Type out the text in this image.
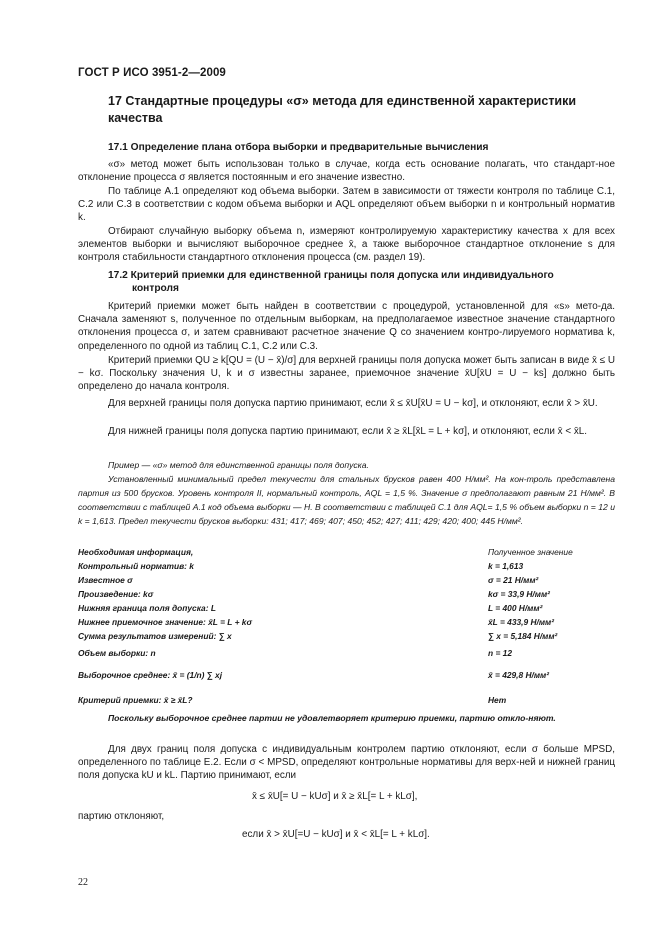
ГОСТ Р ИСО 3951-2—2009
17 Стандартные процедуры «σ» метода для единственной характеристики
качества
17.1 Определение плана отбора выборки и предварительные вычисления
«σ» метод может быть использован только в случае, когда есть основание полагать, что стандарт-ное отклонение процесса σ является постоянным и его значение известно.
По таблице A.1 определяют код объема выборки. Затем в зависимости от тяжести контроля по таблице C.1, C.2 или C.3 в соответствии с кодом объема выборки и AQL определяют объем выборки n и контрольный норматив k.
Отбирают случайную выборку объема n, измеряют контролируемую характеристику качества x для всех элементов выборки и вычисляют выборочное среднее x̄, а также выборочное стандартное отклонение s для контроля стабильности стандартного отклонения процесса (см. раздел 19).
17.2 Критерий приемки для единственной границы поля допуска или индивидуального
контроля
Критерий приемки может быть найден в соответствии с процедурой, установленной для «s» мето-да. Сначала заменяют s, полученное по отдельным выборкам, на предполагаемое известное значение стандартного отклонения процесса σ, и затем сравнивают расчетное значение Q со значением контро-лируемого норматива k, определенного по одной из таблиц C.1, C.2 или C.3.
Критерий приемки QU ≥ k[QU = (U − x̄)/σ] для верхней границы поля допуска может быть записан в виде x̄ ≤ U − kσ. Поскольку значения U, k и σ известны заранее, приемочное значение x̄U[x̄U = U − ks] должно быть определено до начала контроля.
Для верхней границы поля допуска партию принимают, если x̄ ≤ x̄U[x̄U = U − kσ], и отклоняют, если x̄ > x̄U.
Для нижней границы поля допуска партию принимают, если x̄ ≥ x̄L[x̄L = L + kσ], и отклоняют, если x̄ < x̄L.
Пример — «σ» метод для единственной границы поля допуска.
Установленный минимальный предел текучести для стальных брусков равен 400 Н/мм². На кон-троль представлена партия из 500 брусков. Уровень контроля II, нормальный контроль, AQL = 1,5 %. Значение σ предполагают равным 21 Н/мм². В соответствии с таблицей A.1 код объема выборки — H. В соответствии с таблицей C.1 для AQL= 1,5 % объем выборки n = 12 и k = 1,613. Предел текучести брусков выборки: 431; 417; 469; 407; 450; 452; 427; 411; 429; 420; 400; 445 Н/мм².
Необходимая информация,	Полученное значение
Контрольный норматив: k	k = 1,613
Известное σ	σ = 21 Н/мм²
Произведение: kσ	kσ = 33,9 Н/мм²
Нижняя граница поля допуска: L	L = 400 Н/мм²
Нижнее приемочное значение: x̄L = L + kσ	x̄L = 433,9 Н/мм²
Сумма результатов измерений: ∑ x	∑ x = 5,184 Н/мм²
Объем выборки: n	n = 12
Выборочное среднее: x̄ = (1/n) ∑ xj	x̄ = 429,8 Н/мм²
Критерий приемки: x̄ ≥ x̄L?	Нет
Поскольку выборочное среднее партии не удовлетворяет критерию приемки, партию откло-няют.
Для двух границ поля допуска с индивидуальным контролем партию отклоняют, если σ больше MPSD, определенного по таблице E.2. Если σ < MPSD, определяют контрольные нормативы для верх-ней и нижней границ поля допуска kU и kL. Партию принимают, если
x̄ ≤ x̄U[= U − kUσ] и x̄ ≥ x̄L[= L + kLσ],
партию отклоняют,
если x̄ > x̄U[=U − kUσ] и x̄ < x̄L[= L + kLσ].
22
